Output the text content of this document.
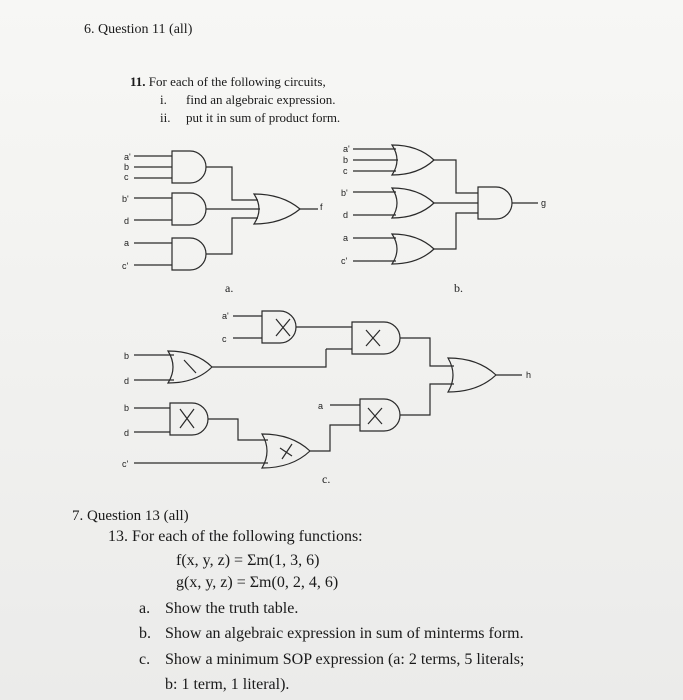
6. Question 11 (all)
11. For each of the following circuits,
i. find an algebraic expression.
ii. put it in sum of product form.
a'
b
c
b'
d
a
c'
f
a.
a'
b
c
b'
d
a
c'
g
b.
a'
c
b
d
b
d
c'
a
h
c.
7. Question 13 (all)
13. For each of the following functions:
f(x, y, z) = Σm(1, 3, 6)
g(x, y, z) = Σm(0, 2, 4, 6)
a. Show the truth table.
b. Show an algebraic expression in sum of minterms form.
c. Show a minimum SOP expression (a: 2 terms, 5 literals;
b: 1 term, 1 literal).
